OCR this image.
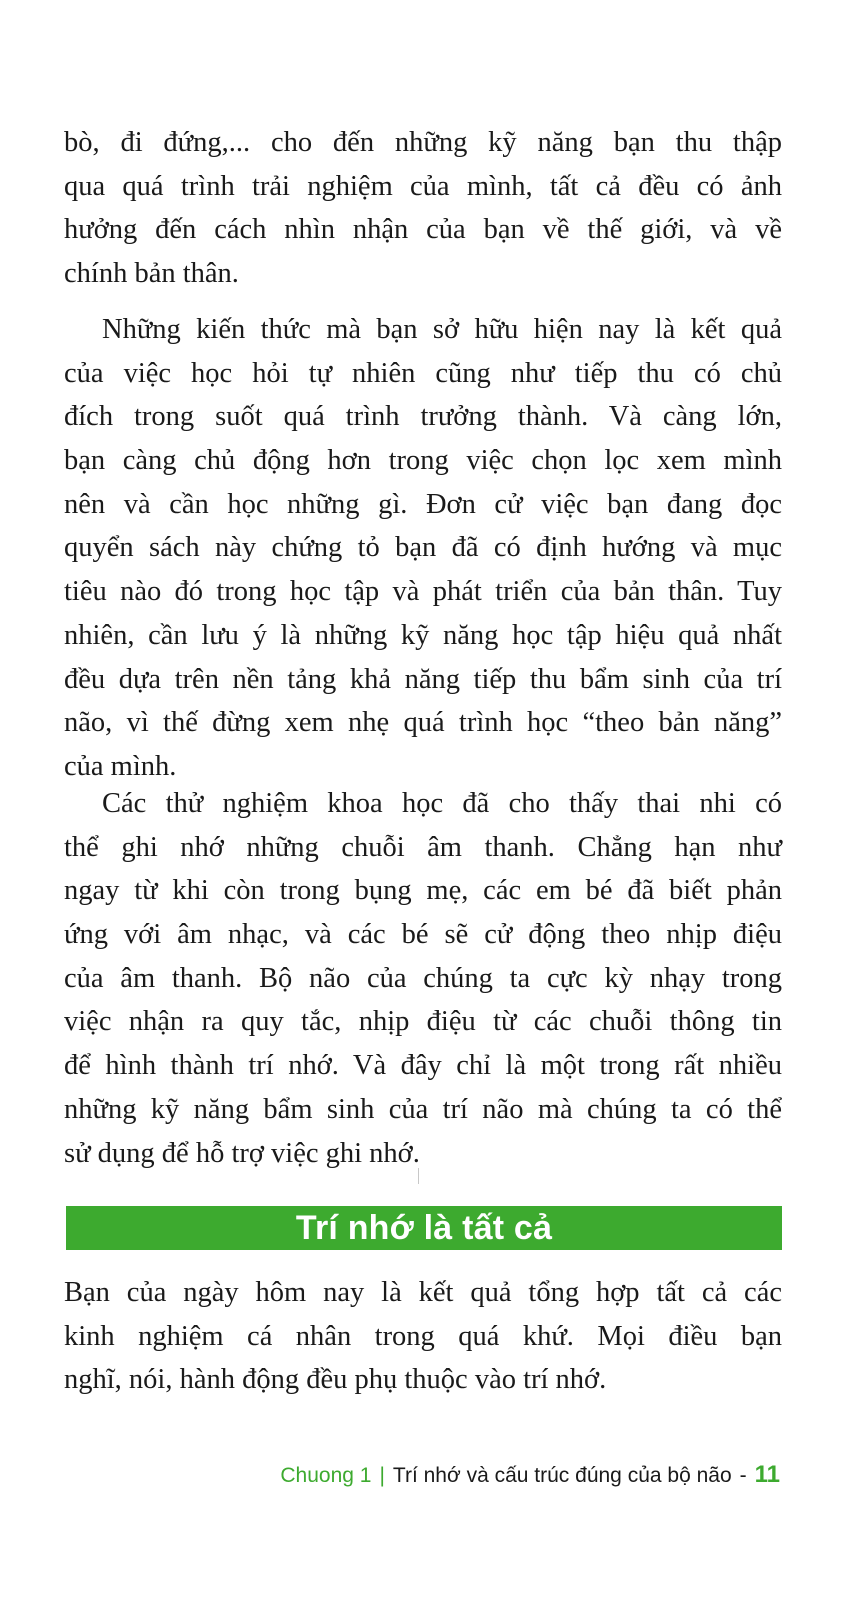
bò, đi đứng,... cho đến những kỹ năng bạn thu thập
qua quá trình trải nghiệm của mình, tất cả đều có ảnh
hưởng đến cách nhìn nhận của bạn về thế giới, và về
chính bản thân.
Những kiến thức mà bạn sở hữu hiện nay là kết quả
của việc học hỏi tự nhiên cũng như tiếp thu có chủ
đích trong suốt quá trình trưởng thành. Và càng lớn,
bạn càng chủ động hơn trong việc chọn lọc xem mình
nên và cần học những gì. Đơn cử việc bạn đang đọc
quyển sách này chứng tỏ bạn đã có định hướng và mục
tiêu nào đó trong học tập và phát triển của bản thân. Tuy
nhiên, cần lưu ý là những kỹ năng học tập hiệu quả nhất
đều dựa trên nền tảng khả năng tiếp thu bẩm sinh của trí
não, vì thế đừng xem nhẹ quá trình học “theo bản năng”
của mình.
Các thử nghiệm khoa học đã cho thấy thai nhi có
thể ghi nhớ những chuỗi âm thanh. Chẳng hạn như
ngay từ khi còn trong bụng mẹ, các em bé đã biết phản
ứng với âm nhạc, và các bé sẽ cử động theo nhịp điệu
của âm thanh. Bộ não của chúng ta cực kỳ nhạy trong
việc nhận ra quy tắc, nhịp điệu từ các chuỗi thông tin
để hình thành trí nhớ. Và đây chỉ là một trong rất nhiều
những kỹ năng bẩm sinh của trí não mà chúng ta có thể
sử dụng để hỗ trợ việc ghi nhớ.
Trí nhớ là tất cả
Bạn của ngày hôm nay là kết quả tổng hợp tất cả các
kinh nghiệm cá nhân trong quá khứ. Mọi điều bạn
nghĩ, nói, hành động đều phụ thuộc vào trí nhớ.
Chuong 1 | Trí nhớ và cấu trúc đúng của bộ não - 11
